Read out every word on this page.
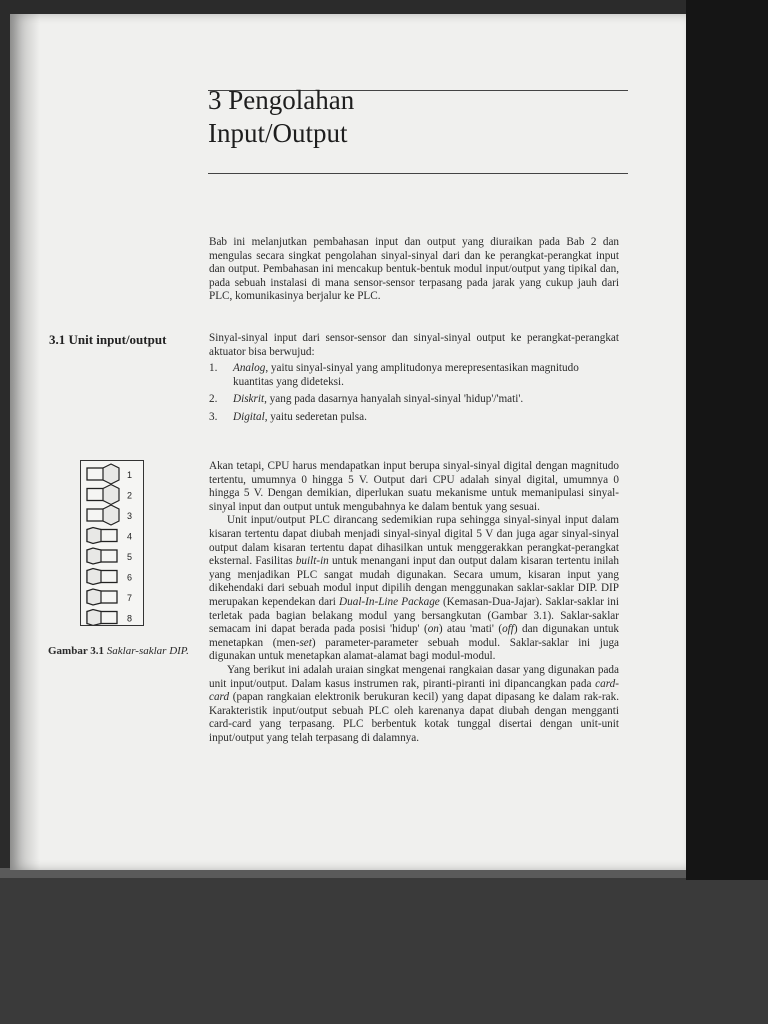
3 Pengolahan
Input/Output

Bab ini melanjutkan pembahasan input dan output yang diuraikan pada Bab 2 dan mengulas secara singkat pengolahan sinyal-sinyal dari dan ke perangkat-perangkat input dan output. Pembahasan ini mencakup bentuk-bentuk modul input/output yang tipikal dan, pada sebuah instalasi di mana sensor-sensor terpasang pada jarak yang cukup jauh dari PLC, komunikasinya berjalur ke PLC.

3.1 Unit input/output	Sinyal-sinyal input dari sensor-sensor dan sinyal-sinyal output ke perangkat-perangkat aktuator bisa berwujud:

1.	Analog, yaitu sinyal-sinyal yang amplitudonya merepresentasikan magnitudo kuantitas yang dideteksi.
2.	Diskrit, yang pada dasarnya hanyalah sinyal-sinyal 'hidup'/'mati'.
3.	Digital, yaitu sederetan pulsa.

Akan tetapi, CPU harus mendapatkan input berupa sinyal-sinyal digital dengan magnitudo tertentu, umumnya 0 hingga 5 V. Output dari CPU adalah sinyal digital, umumnya 0 hingga 5 V. Dengan demikian, diperlukan suatu mekanisme untuk memanipulasi sinyal-sinyal input dan output untuk mengubahnya ke dalam bentuk yang sesuai.

Unit input/output PLC dirancang sedemikian rupa sehingga sinyal-sinyal input dalam kisaran tertentu dapat diubah menjadi sinyal-sinyal digital 5 V dan juga agar sinyal-sinyal output dalam kisaran tertentu dapat dihasilkan untuk menggerakkan perangkat-perangkat eksternal. Fasilitas built-in untuk menangani input dan output dalam kisaran tertentu inilah yang menjadikan PLC sangat mudah digunakan. Secara umum, kisaran input yang dikehendaki dari sebuah modul input dipilih dengan menggunakan saklar-saklar DIP. DIP merupakan kependekan dari Dual-In-Line Package (Kemasan-Dua-Jajar). Saklar-saklar ini terletak pada bagian belakang modul yang bersangkutan (Gambar 3.1). Saklar-saklar semacam ini dapat berada pada posisi 'hidup' (on) atau 'mati' (off) dan digunakan untuk menetapkan (men-set) parameter-parameter sebuah modul. Saklar-saklar ini juga digunakan untuk menetapkan alamat-alamat bagi modul-modul.

Yang berikut ini adalah uraian singkat mengenai rangkaian dasar yang digunakan pada unit input/output. Dalam kasus instrumen rak, piranti-piranti ini dipancangkan pada card-card (papan rangkaian elektronik berukuran kecil) yang dapat dipasang ke dalam rak-rak. Karakteristik input/output sebuah PLC oleh karenanya dapat diubah dengan mengganti card-card yang terpasang. PLC berbentuk kotak tunggal disertai dengan unit-unit input/output yang telah terpasang di dalamnya.

1
2
3
4
5
6
7
8
Gambar 3.1 Saklar-saklar DIP.
